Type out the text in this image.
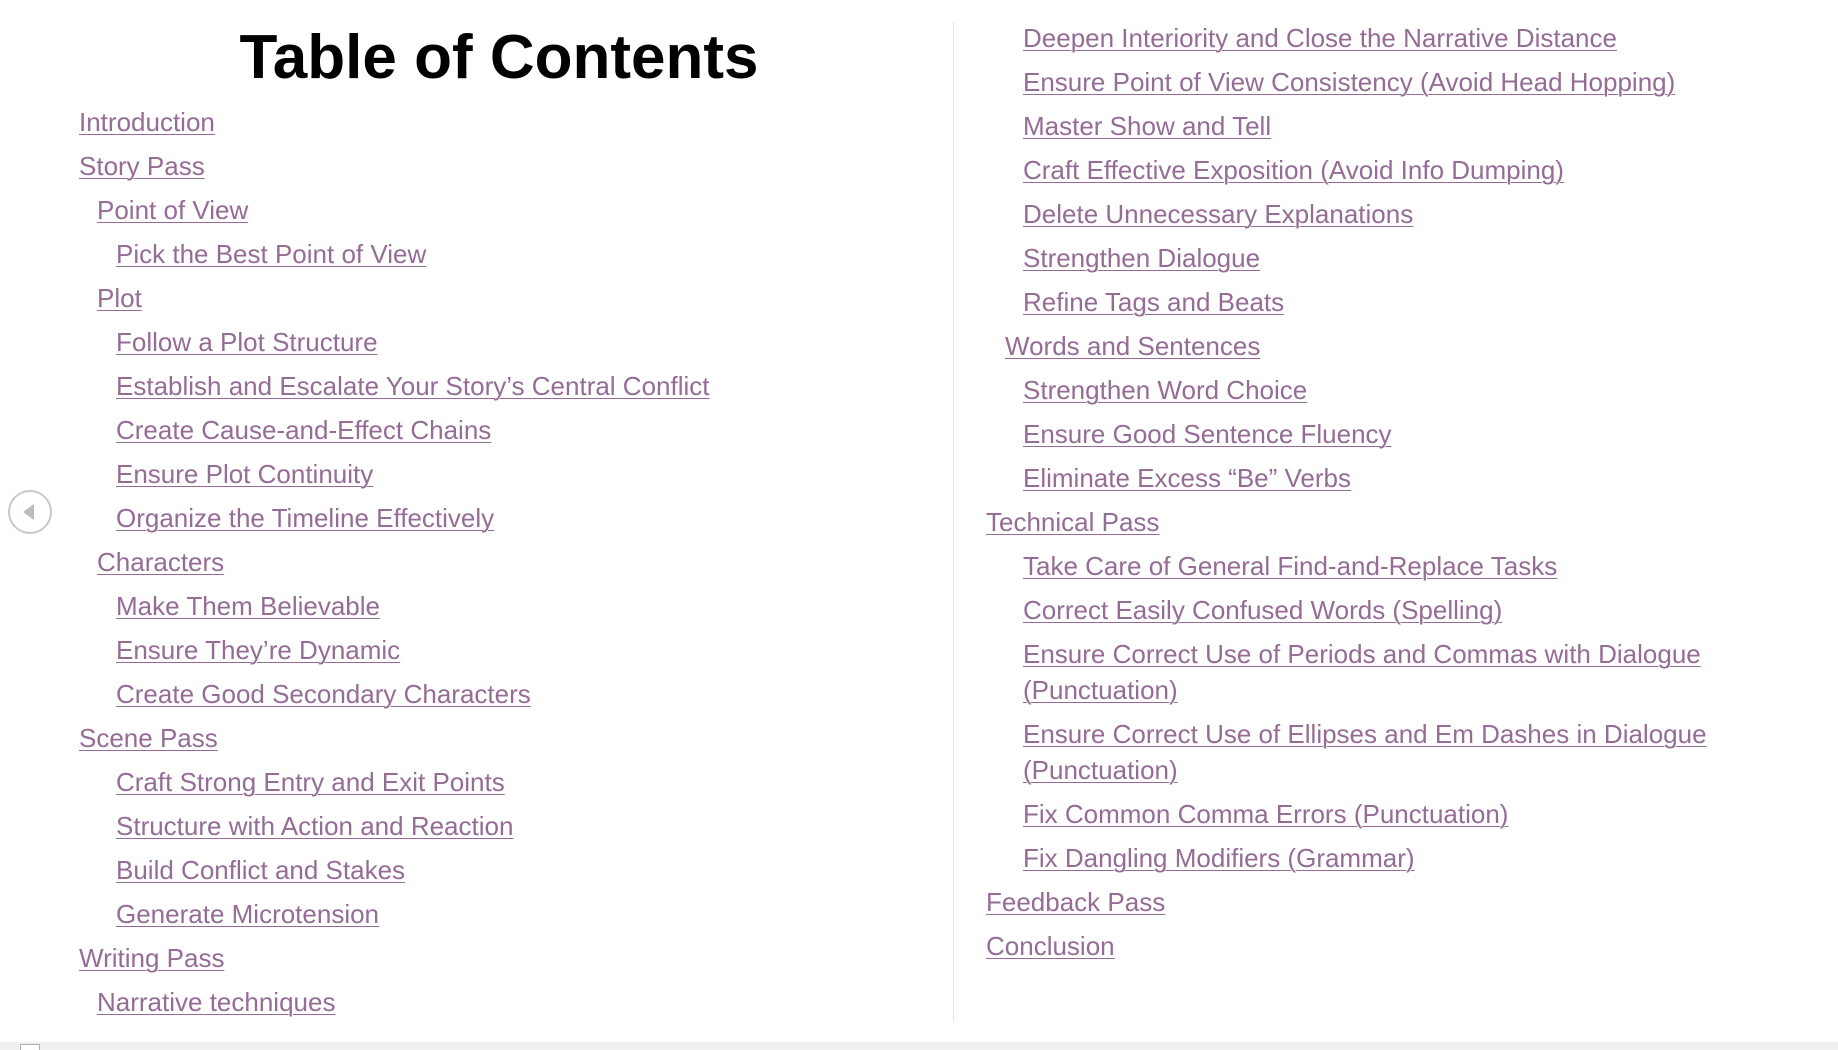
Table of Contents
Introduction
Story Pass
Point of View
Pick the Best Point of View
Plot
Follow a Plot Structure
Establish and Escalate Your Story’s Central Conflict
Create Cause-and-Effect Chains
Ensure Plot Continuity
Organize the Timeline Effectively
Characters
Make Them Believable
Ensure They’re Dynamic
Create Good Secondary Characters
Scene Pass
Craft Strong Entry and Exit Points
Structure with Action and Reaction
Build Conflict and Stakes
Generate Microtension
Writing Pass
Narrative techniques
Deepen Interiority and Close the Narrative Distance
Ensure Point of View Consistency (Avoid Head Hopping)
Master Show and Tell
Craft Effective Exposition (Avoid Info Dumping)
Delete Unnecessary Explanations
Strengthen Dialogue
Refine Tags and Beats
Words and Sentences
Strengthen Word Choice
Ensure Good Sentence Fluency
Eliminate Excess “Be” Verbs
Technical Pass
Take Care of General Find-and-Replace Tasks
Correct Easily Confused Words (Spelling)
Ensure Correct Use of Periods and Commas with Dialogue (Punctuation)
Ensure Correct Use of Ellipses and Em Dashes in Dialogue (Punctuation)
Fix Common Comma Errors (Punctuation)
Fix Dangling Modifiers (Grammar)
Feedback Pass
Conclusion
